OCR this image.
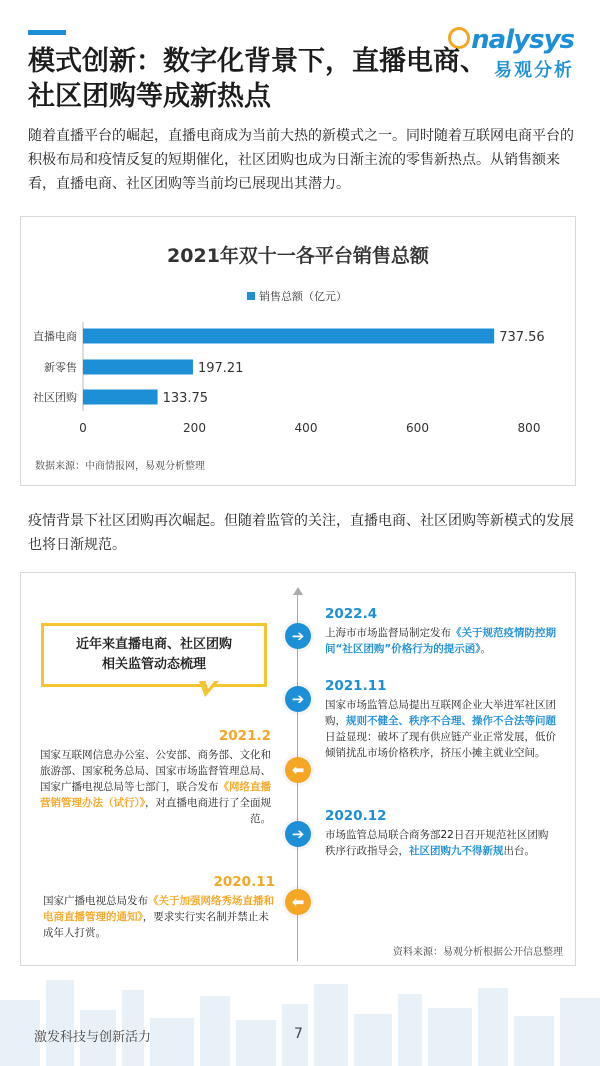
nalysys
易观分析
模式创新：数字化背景下，直播电商、社区团购等成新热点

随着直播平台的崛起，直播电商成为当前大热的新模式之一。同时随着互联网电商平台的积极布局和疫情反复的短期催化，社区团购也成为日渐主流的零售新热点。从销售额来看，直播电商、社区团购等当前均已展现出其潜力。

2021年双十一各平台销售总额
销售总额（亿元）
直播电商	737.56
新零售	197.21
社区团购	133.75
0	200	400	600	800
数据来源：中商情报网，易观分析整理

疫情背景下社区团购再次崛起。但随着监管的关注，直播电商、社区团购等新模式的发展也将日渐规范。

近年来直播电商、社区团购
相关监管动态梳理
➔
➔
⬅
➔
⬅
2022.4
上海市市场监督局制定发布《关于规范疫情防控期间“社区团购”价格行为的提示函》。
2021.11
国家市场监管总局提出互联网企业大举进军社区团购，规则不健全、秩序不合理、操作不合法等问题日益显现：破坏了现有供应链产业正常发展，低价倾销扰乱市场价格秩序，挤压小摊主就业空间。
2021.2
国家互联网信息办公室、公安部、商务部、文化和旅游部、国家税务总局、国家市场监督管理总局、国家广播电视总局等七部门，联合发布《网络直播营销管理办法（试行）》，对直播电商进行了全面规范。	2020.12
市场监管总局联合商务部22日召开规范社区团购秩序行政指导会，社区团购九不得新规出台。
2020.11
国家广播电视总局发布《关于加强网络秀场直播和电商直播管理的通知》，要求实行实名制并禁止未成年人打赏。
资料来源：易观分析根据公开信息整理
激发科技与创新活力	7
